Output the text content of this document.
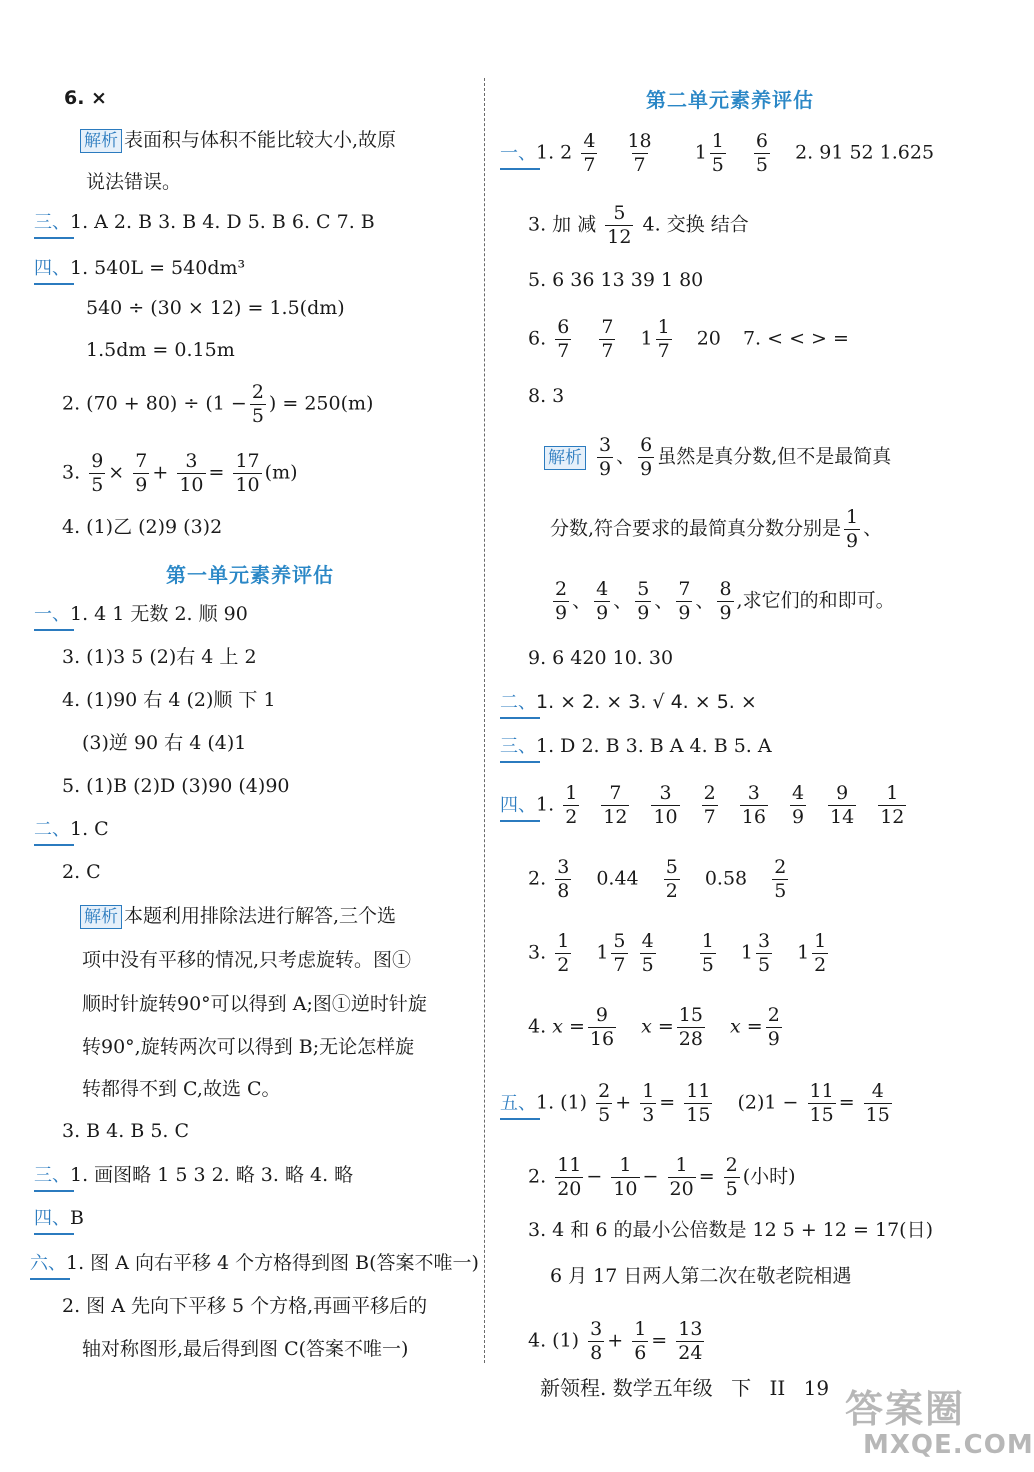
6. ×
解析 表面积与体积不能比较大小,故原
说法错误。
三、1. A 2. B 3. B 4. D 5. B 6. C 7. B
四、1. 540L = 540dm³
540 ÷ (30 × 12) = 1.5(dm)
1.5dm = 0.15m
2. $(70 + 80) \div (1 - \frac{2}{5}$ ) = 250(m)
3. $\frac{9}{5} \times \frac{7}{9} + \frac{3}{10} = \frac{17}{10} (m)$
4. (1)乙 (2)9 (3)2
第一单元素养评估
一、1. 4 1 无数 2. 顺 90
3. (1)3 5 (2)右 4 上 2
4. (1)90 右 4 (2)顺 下 1
(3)逆 90 右 4 (4)1
5. (1)B (2)D (3)90 (4)90
二、1. C
2. C
解析 本题利用排除法进行解答,三个选
项中没有平移的情况,只考虑旋转。图①
顺时针旋转90°可以得到 A;图①逆时针旋
转90°,旋转两次可以得到 B;无论怎样旋
转都得不到 C,故选 C。
3. B 4. B 5. C
三、1. 画图略 1 5 3 2. 略 3. 略 4. 略
四、B
六、1. 图 A 向右平移 4 个方格得到图 B(答案不唯一)
2. 图 A 先向下平移 5 个方格,再画平移后的
轴对称图形,最后得到图 C(答案不唯一)
第二单元素养评估
一、1. $2 \frac{4}{7}$
$\frac{18}{7} 1 \frac{1}{5}$
$\frac{6}{5} 2$. 91 52 1.625
3. 加 减 $\frac{5}{12} 4$. 交换 结合
5. 6 36 13 39 1 80
6. $\frac{6}{7}$
$\frac{7}{7} 1 \frac{1}{7} 20$ 7. < < > =
8. 3
解析 $\frac{3}{9}$ 、 $\frac{6}{9}$ 虽然是真分数,但不是最简真
分数,符合要求的最简真分数分别是 $\frac{1}{9}$ 、
$\frac{2}{9}$ 、 $\frac{4}{9}$ 、 $\frac{5}{9}$ 、 $\frac{7}{9}$ 、 $\frac{8}{9}$ ,求它们的和即可。
9. 6 420 10. 30
二、1. × 2. × 3. √ 4. × 5. ×
三、1. D 2. B 3. B A 4. B 5. A
四、1. $\frac{1}{2} \frac{7}{12} \frac{3}{10} \frac{2}{7} \frac{3}{16} \frac{4}{9} \frac{9}{14} \frac{1}{12}$
2. $\frac{3}{8} 0.44 \frac{5}{2} 0.58 \frac{2}{5}$
3. $\frac{1}{2} 1 \frac{5}{7}$
$\frac{4}{5}$
$\frac{1}{5} 1 \frac{3}{5} 1 \frac{1}{2}$
4. $x = \frac{9}{16}$ $x = \frac{15}{28}$ $x = \frac{2}{9}$
五、1. $(1) \frac{2}{5} + \frac{1}{3} = \frac{11}{15} (2)1 - \frac{11}{15} = \frac{4}{15}$
2. $\frac{11}{20} - \frac{1}{10} - \frac{1}{20} = \frac{2}{5}$ (小时)
3. 4 和 6 的最小公倍数是 12 5 + 12 = 17(日)
6 月 17 日两人第二次在敬老院相遇
4. $(1) \frac{3}{8} + \frac{1}{6} = \frac{13}{24}$
新领程. 数学五年级 下 II 19 答案圈
MXQE.COM
